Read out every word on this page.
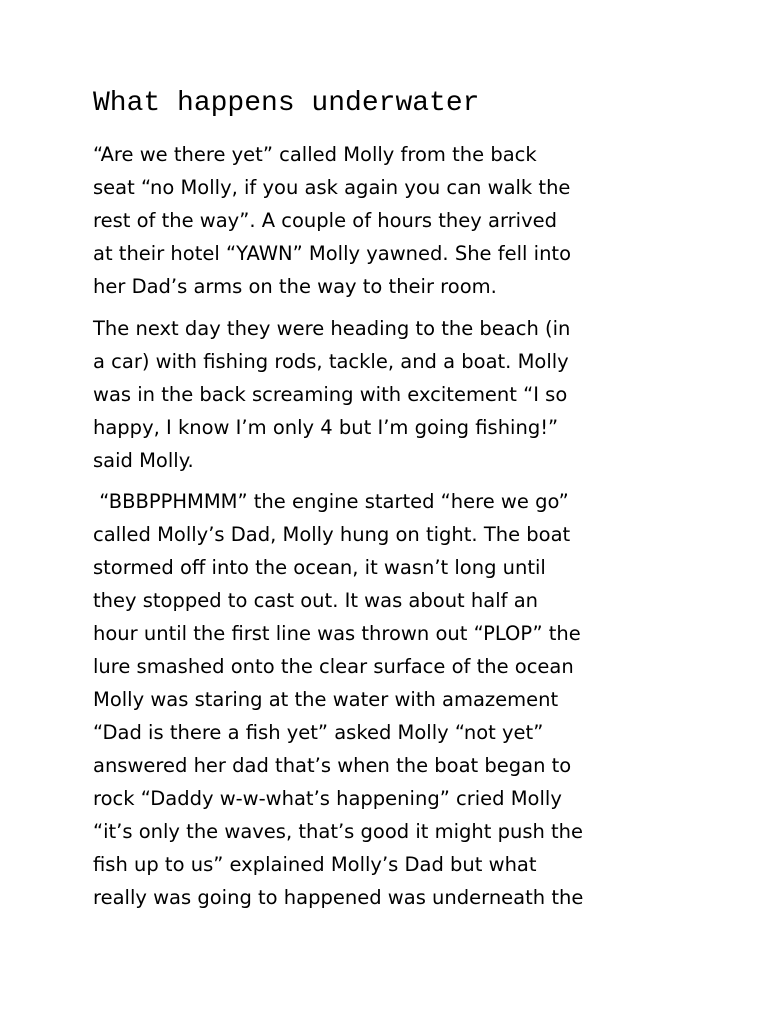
What happens underwater

“Are we there yet” called Molly from the back
seat “no Molly, if you ask again you can walk the
rest of the way”. A couple of hours they arrived
at their hotel “YAWN” Molly yawned. She fell into
her Dad’s arms on the way to their room.

The next day they were heading to the beach (in
a car) with fishing rods, tackle, and a boat. Molly
was in the back screaming with excitement “I so
happy, I know I’m only 4 but I’m going fishing!”
said Molly.

“BBBPPHMMM” the engine started “here we go”
called Molly’s Dad, Molly hung on tight. The boat
stormed off into the ocean, it wasn’t long until
they stopped to cast out. It was about half an
hour until the first line was thrown out “PLOP” the
lure smashed onto the clear surface of the ocean
Molly was staring at the water with amazement
“Dad is there a fish yet” asked Molly “not yet”
answered her dad that’s when the boat began to
rock “Daddy w-w-what’s happening” cried Molly
“it’s only the waves, that’s good it might push the
fish up to us” explained Molly’s Dad but what
really was going to happened was underneath the
